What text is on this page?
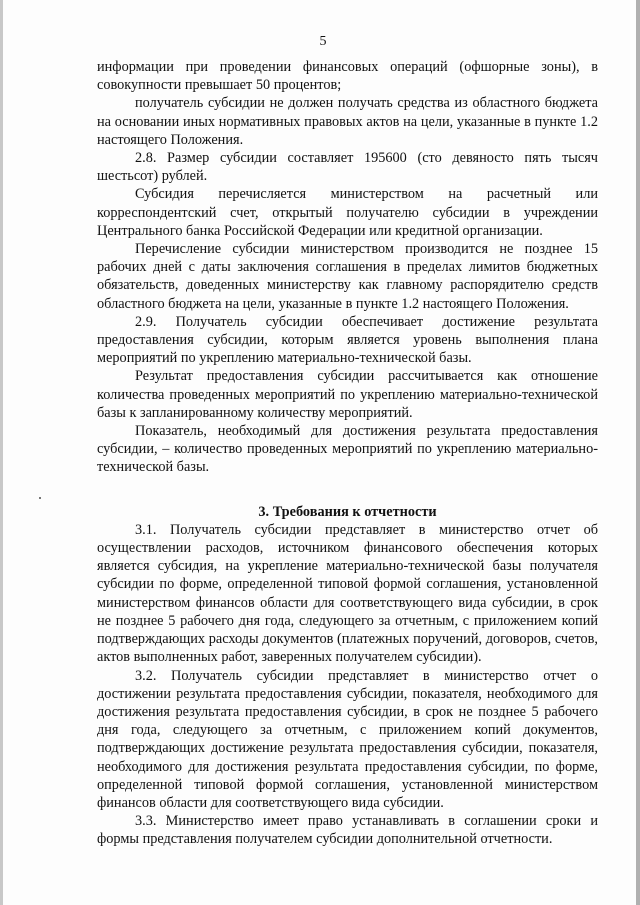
5

информации при проведении финансовых операций (офшорные зоны), в совокупности превышает 50 процентов;

получатель субсидии не должен получать средства из областного бюджета на основании иных нормативных правовых актов на цели, указанные в пункте 1.2 настоящего Положения.

2.8. Размер субсидии составляет 195600 (сто девяносто пять тысяч шестьсот) рублей.

Субсидия перечисляется министерством на расчетный или корреспондентский счет, открытый получателю субсидии в учреждении Центрального банка Российской Федерации или кредитной организации.

Перечисление субсидии министерством производится не позднее 15 рабочих дней с даты заключения соглашения в пределах лимитов бюджетных обязательств, доведенных министерству как главному распорядителю средств областного бюджета на цели, указанные в пункте 1.2 настоящего Положения.

2.9. Получатель субсидии обеспечивает достижение результата предоставления субсидии, которым является уровень выполнения плана мероприятий по укреплению материально-технической базы.

Результат предоставления субсидии рассчитывается как отношение количества проведенных мероприятий по укреплению материально-технической базы к запланированному количеству мероприятий.

Показатель, необходимый для достижения результата предоставления субсидии, – количество проведенных мероприятий по укреплению материально-технической базы.

3. Требования к отчетности

3.1. Получатель субсидии представляет в министерство отчет об осуществлении расходов, источником финансового обеспечения которых является субсидия, на укрепление материально-технической базы получателя субсидии по форме, определенной типовой формой соглашения, установленной министерством финансов области для соответствующего вида субсидии, в срок не позднее 5 рабочего дня года, следующего за отчетным, с приложением копий подтверждающих расходы документов (платежных поручений, договоров, счетов, актов выполненных работ, заверенных получателем субсидии).

3.2. Получатель субсидии представляет в министерство отчет о достижении результата предоставления субсидии, показателя, необходимого для достижения результата предоставления субсидии, в срок не позднее 5 рабочего дня года, следующего за отчетным, с приложением копий документов, подтверждающих достижение результата предоставления субсидии, показателя, необходимого для достижения результата предоставления субсидии, по форме, определенной типовой формой соглашения, установленной министерством финансов области для соответствующего вида субсидии.

3.3. Министерство имеет право устанавливать в соглашении сроки и формы представления получателем субсидии дополнительной отчетности.
